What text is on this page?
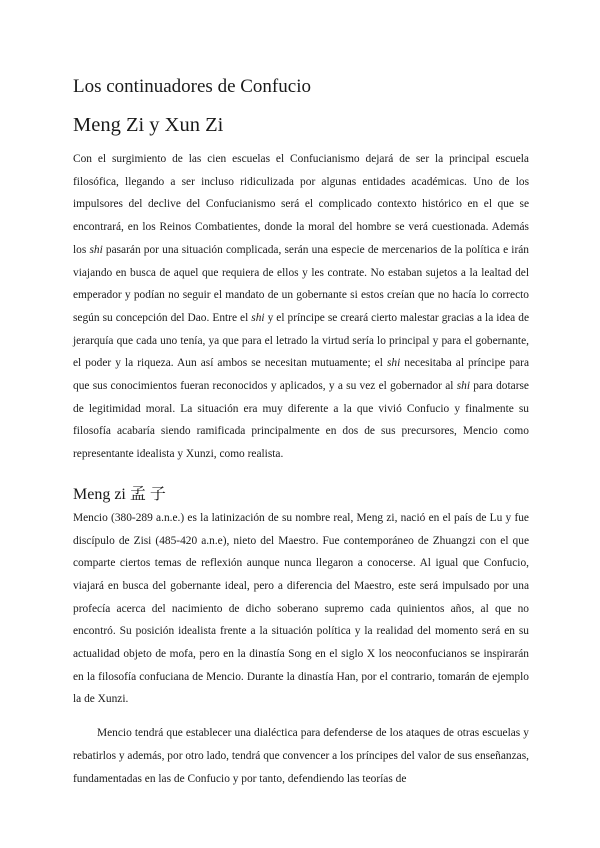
Los continuadores de Confucio
Meng Zi y Xun Zi

Con el surgimiento de las cien escuelas el Confucianismo dejará de ser la principal escuela filosófica, llegando a ser incluso ridiculizada por algunas entidades académicas. Uno de los impulsores del declive del Confucianismo será el complicado contexto histórico en el que se encontrará, en los Reinos Combatientes, donde la moral del hombre se verá cuestionada. Además los shi pasarán por una situación complicada, serán una especie de mercenarios de la política e irán viajando en busca de aquel que requiera de ellos y les contrate. No estaban sujetos a la lealtad del emperador y podían no seguir el mandato de un gobernante si estos creían que no hacía lo correcto según su concepción del Dao. Entre el shi y el príncipe se creará cierto malestar gracias a la idea de jerarquía que cada uno tenía, ya que para el letrado la virtud sería lo principal y para el gobernante, el poder y la riqueza. Aun así ambos se necesitan mutuamente; el shi necesitaba al príncipe para que sus conocimientos fueran reconocidos y aplicados, y a su vez el gobernador al shi para dotarse de legitimidad moral. La situación era muy diferente a la que vivió Confucio y finalmente su filosofía acabaría siendo ramificada principalmente en dos de sus precursores, Mencio como representante idealista y Xunzi, como realista.

Meng zi 孟 子

Mencio (380-289 a.n.e.) es la latinización de su nombre real, Meng zi, nació en el país de Lu y fue discípulo de Zisi (485-420 a.n.e), nieto del Maestro. Fue contemporáneo de Zhuangzi con el que comparte ciertos temas de reflexión aunque nunca llegaron a conocerse. Al igual que Confucio, viajará en busca del gobernante ideal, pero a diferencia del Maestro, este será impulsado por una profecía acerca del nacimiento de dicho soberano supremo cada quinientos años, al que no encontró. Su posición idealista frente a la situación política y la realidad del momento será en su actualidad objeto de mofa, pero en la dinastía Song en el siglo X los neoconfucianos se inspirarán en la filosofía confuciana de Mencio. Durante la dinastía Han, por el contrario, tomarán de ejemplo la de Xunzi.

Mencio tendrá que establecer una dialéctica para defenderse de los ataques de otras escuelas y rebatirlos y además, por otro lado, tendrá que convencer a los príncipes del valor de sus enseñanzas, fundamentadas en las de Confucio y por tanto, defendiendo las teorías de
